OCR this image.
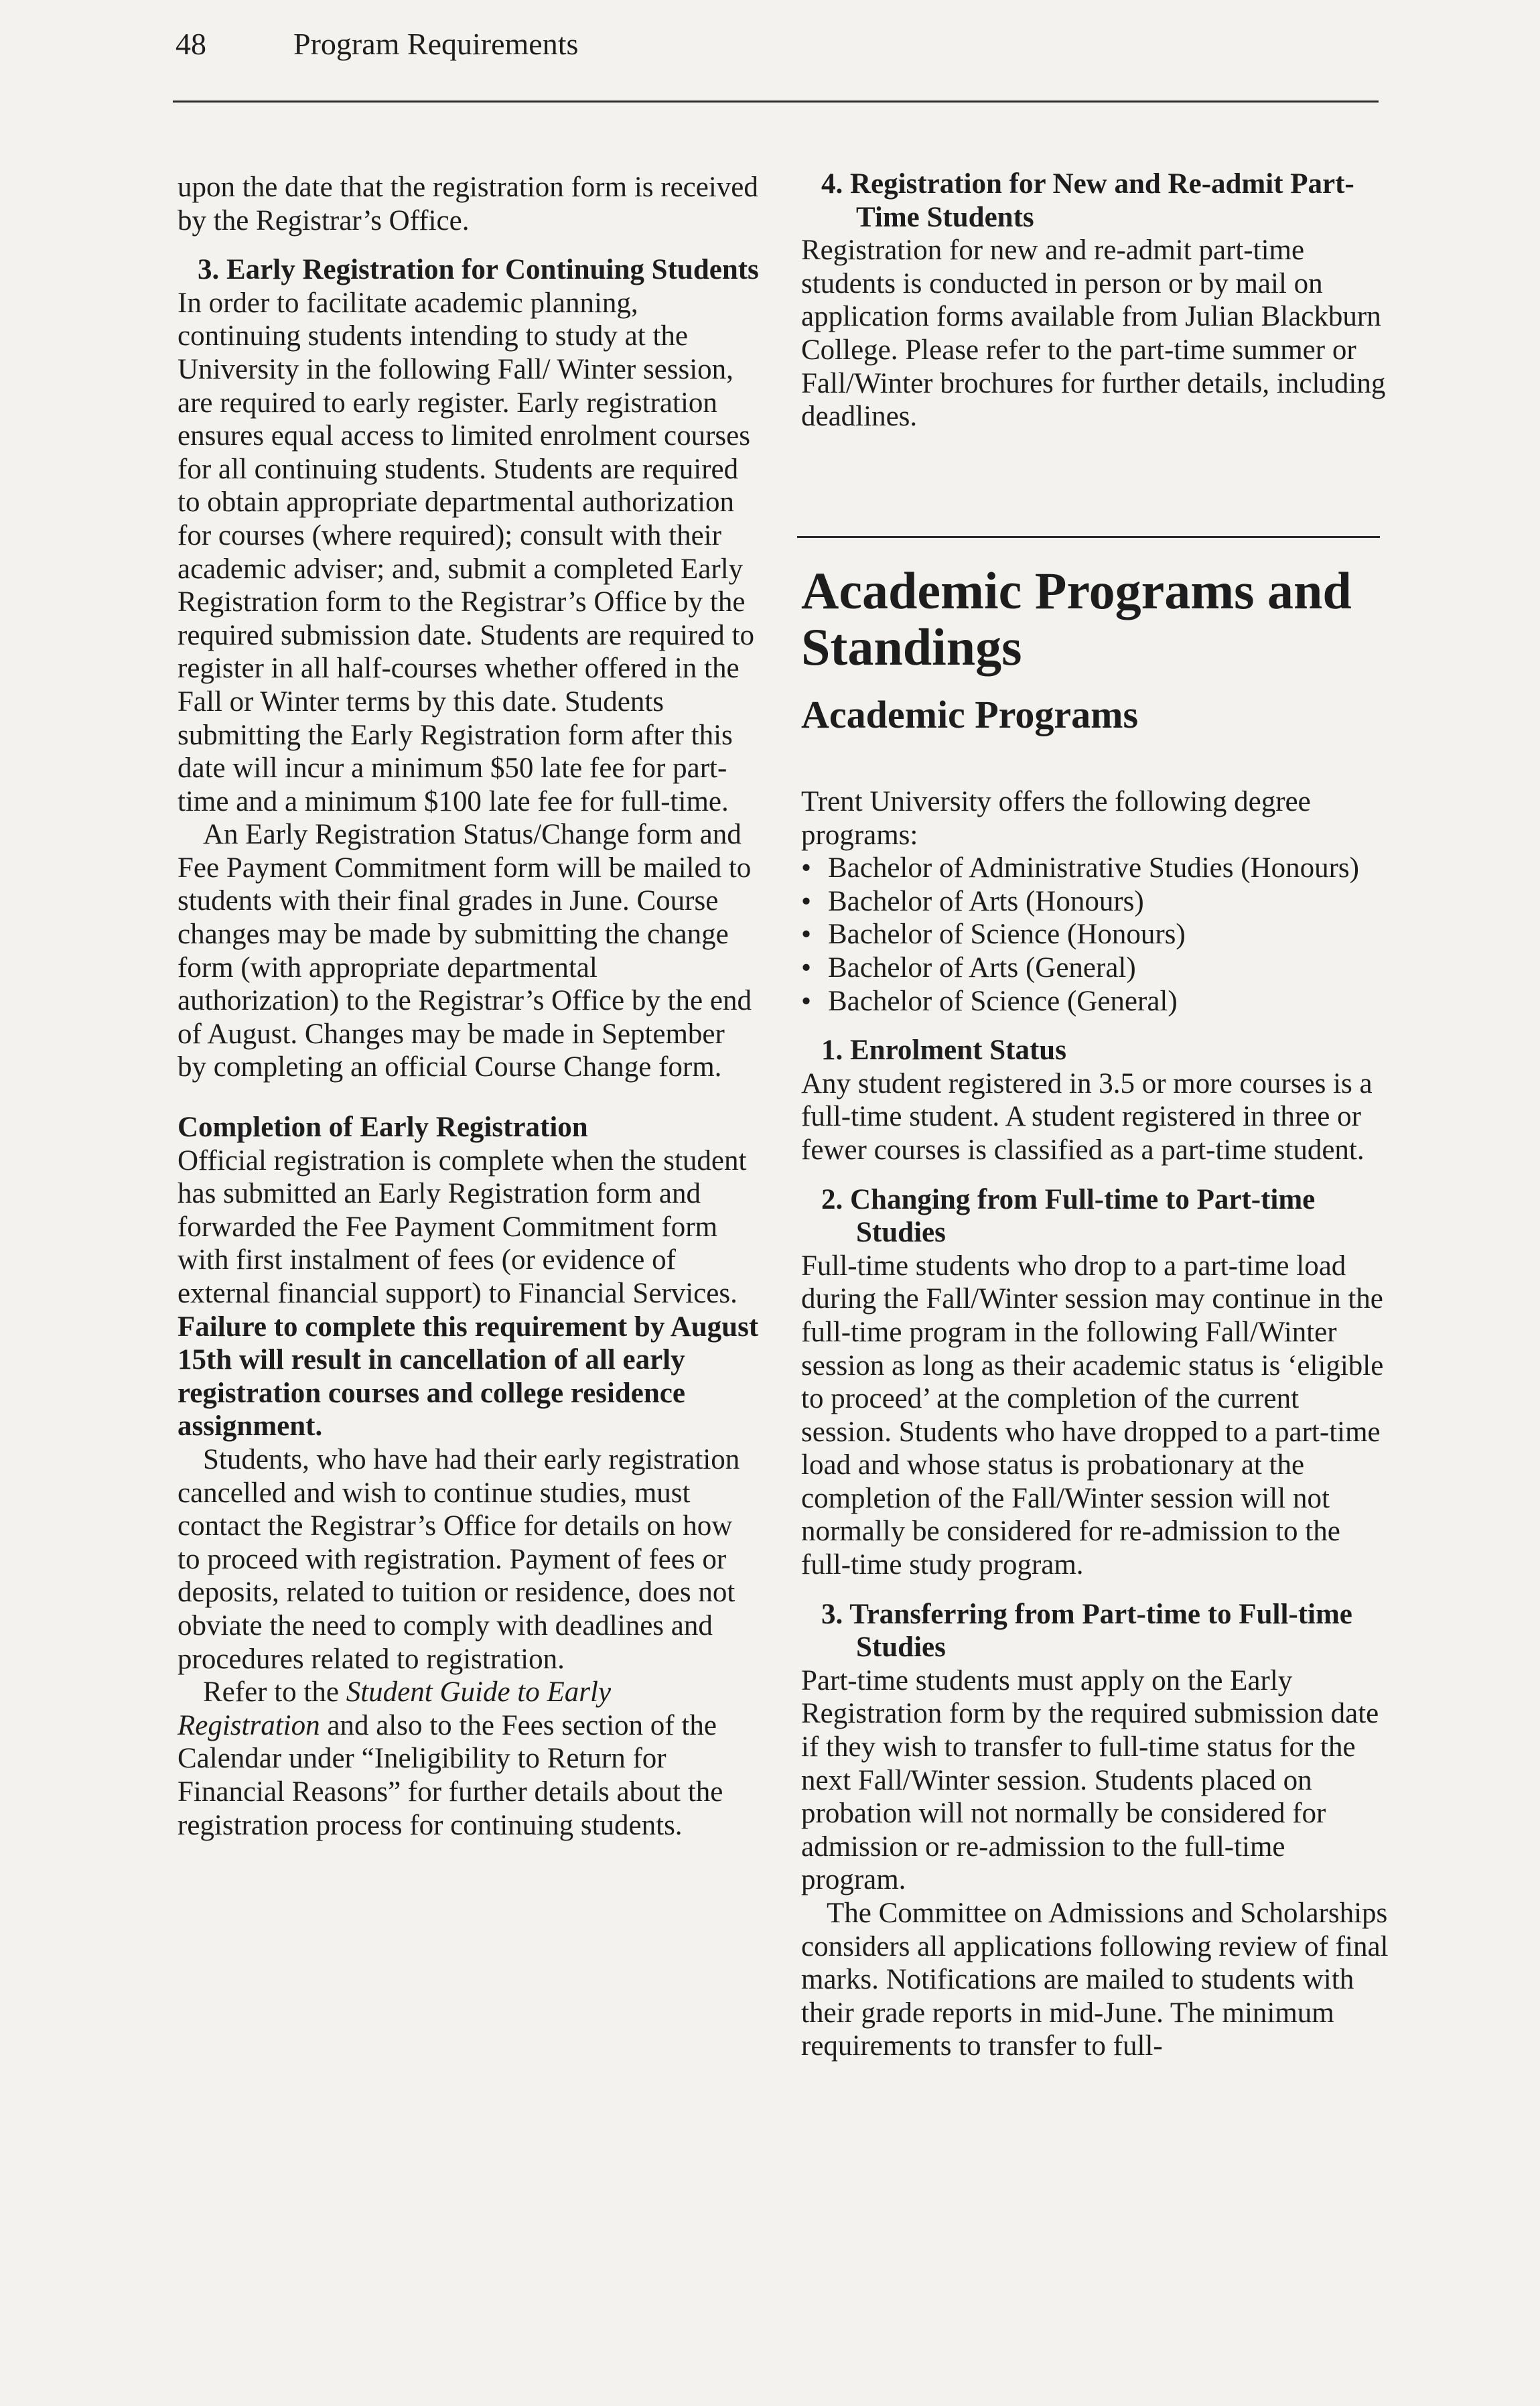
48	Program Requirements

upon the date that the registration form is received by the Registrar’s Office.

3. Early Registration for Continuing Students

In order to facilitate academic planning, continuing students intending to study at the University in the following Fall/ Winter session, are required to early register. Early registration ensures equal access to limited enrolment courses for all continuing students. Students are required to obtain appropriate departmental authorization for courses (where required); consult with their academic adviser; and, submit a completed Early Registration form to the Registrar’s Office by the required submission date. Students are required to register in all half-courses whether offered in the Fall or Winter terms by this date. Students submitting the Early Registration form after this date will incur a minimum $50 late fee for part-time and a minimum $100 late fee for full-time.

An Early Registration Status/Change form and Fee Payment Commitment form will be mailed to students with their final grades in June. Course changes may be made by submitting the change form (with appropriate departmental authorization) to the Registrar’s Office by the end of August. Changes may be made in September by completing an official Course Change form.

Completion of Early Registration

Official registration is complete when the student has submitted an Early Registration form and forwarded the Fee Payment Commitment form with first instalment of fees (or evidence of external financial support) to Financial Services. Failure to complete this requirement by August 15th will result in cancellation of all early registration courses and college residence assignment.

Students, who have had their early registration cancelled and wish to continue studies, must contact the Registrar’s Office for details on how to proceed with registration. Payment of fees or deposits, related to tuition or residence, does not obviate the need to comply with deadlines and procedures related to registration.

Refer to the Student Guide to Early Registration and also to the Fees section of the Calendar under “Ineligibility to Return for Financial Reasons” for further details about the registration process for continuing students.

4. Registration for New and Re-admit Part-Time Students

Registration for new and re-admit part-time students is conducted in person or by mail on application forms available from Julian Blackburn College. Please refer to the part-time summer or Fall/Winter brochures for further details, including deadlines.

Academic Programs and Standings

Academic Programs

Trent University offers the following degree programs:

• Bachelor of Administrative Studies (Honours)
• Bachelor of Arts (Honours)
• Bachelor of Science (Honours)
• Bachelor of Arts (General)
• Bachelor of Science (General)

1. Enrolment Status

Any student registered in 3.5 or more courses is a full-time student. A student registered in three or fewer courses is classified as a part-time student.

2. Changing from Full-time to Part-time Studies

Full-time students who drop to a part-time load during the Fall/Winter session may continue in the full-time program in the following Fall/Winter session as long as their academic status is ‘eligible to proceed’ at the completion of the current session. Students who have dropped to a part-time load and whose status is probationary at the completion of the Fall/Winter session will not normally be considered for re-admission to the full-time study program.

3. Transferring from Part-time to Full-time Studies

Part-time students must apply on the Early Registration form by the required submission date if they wish to transfer to full-time status for the next Fall/Winter session. Students placed on probation will not normally be considered for admission or re-admission to the full-time program.

The Committee on Admissions and Scholarships considers all applications following review of final marks. Notifications are mailed to students with their grade reports in mid-June. The minimum requirements to transfer to full-
